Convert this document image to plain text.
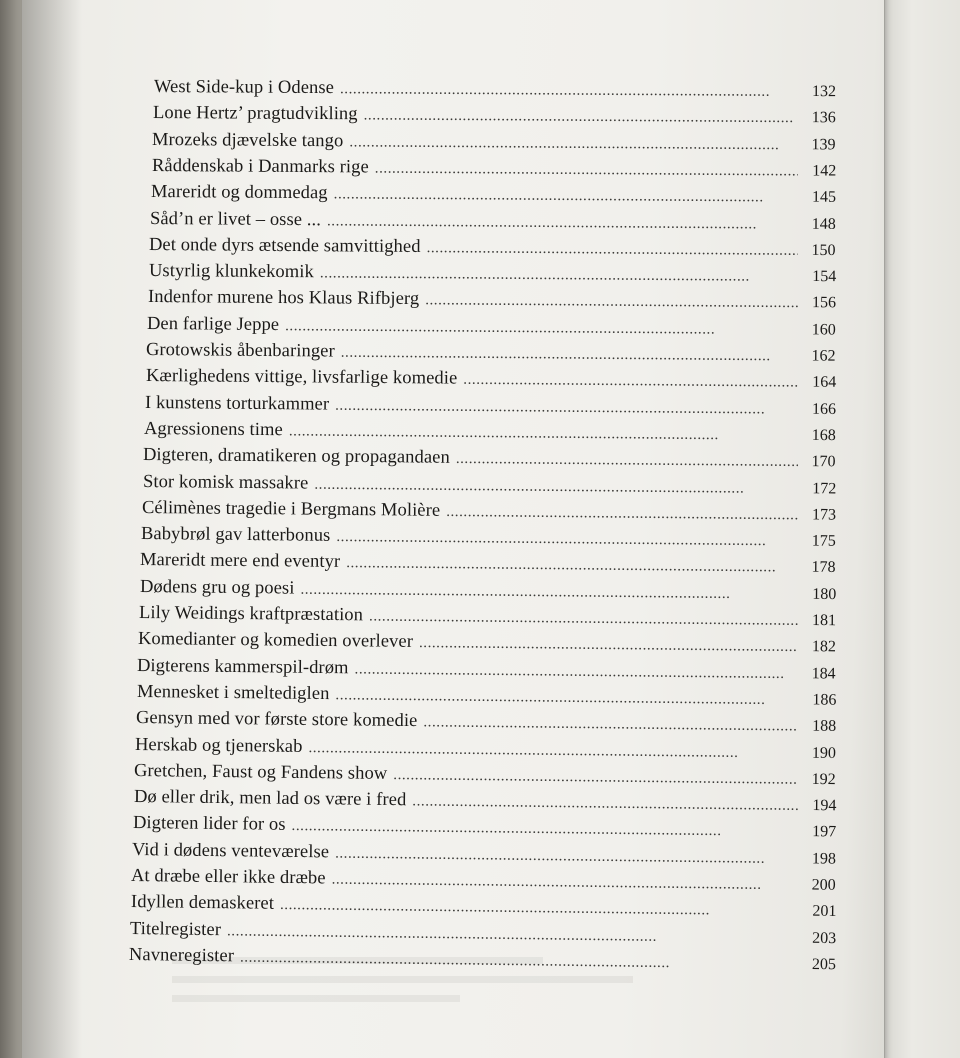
West Side-kup i Odense . . .	132
Lone Hertz’ pragtudvikling . . .	136
Mrozeks djævelske tango . . .	139
Råddenskab i Danmarks rige . . .	142
Mareridt og dommedag . . .	145
Såd’n er livet – osse ... . . .	148
Det onde dyrs ætsende samvittighed . . .	150
Ustyrlig klunkekomik . . .	154
Indenfor murene hos Klaus Rifbjerg . . .	156
Den farlige Jeppe . . .	160
Grotowskis åbenbaringer . . .	162
Kærlighedens vittige, livsfarlige komedie . . .	164
I kunstens torturkammer . . .	166
Agressionens time . . .	168
Digteren, dramatikeren og propagandaen . . .	170
Stor komisk massakre . . .	172
Célimènes tragedie i Bergmans Molière . . .	173
Babybrøl gav latterbonus . . .	175
Mareridt mere end eventyr . . .	178
Dødens gru og poesi . . .	180
Lily Weidings kraftpræstation . . .	181
Komedianter og komedien overlever . . .	182
Digterens kammerspil-drøm . . .	184
Mennesket i smeltediglen . . .	186
Gensyn med vor første store komedie . . .	188
Herskab og tjenerskab . . .	190
Gretchen, Faust og Fandens show . . .	192
Dø eller drik, men lad os være i fred . . .	194
Digteren lider for os . . .	197
Vid i dødens venteværelse . . .	198
At dræbe eller ikke dræbe . . .	200
Idyllen demaskeret . . .	201
Titelregister . . .	203
Navneregister . . .	205
